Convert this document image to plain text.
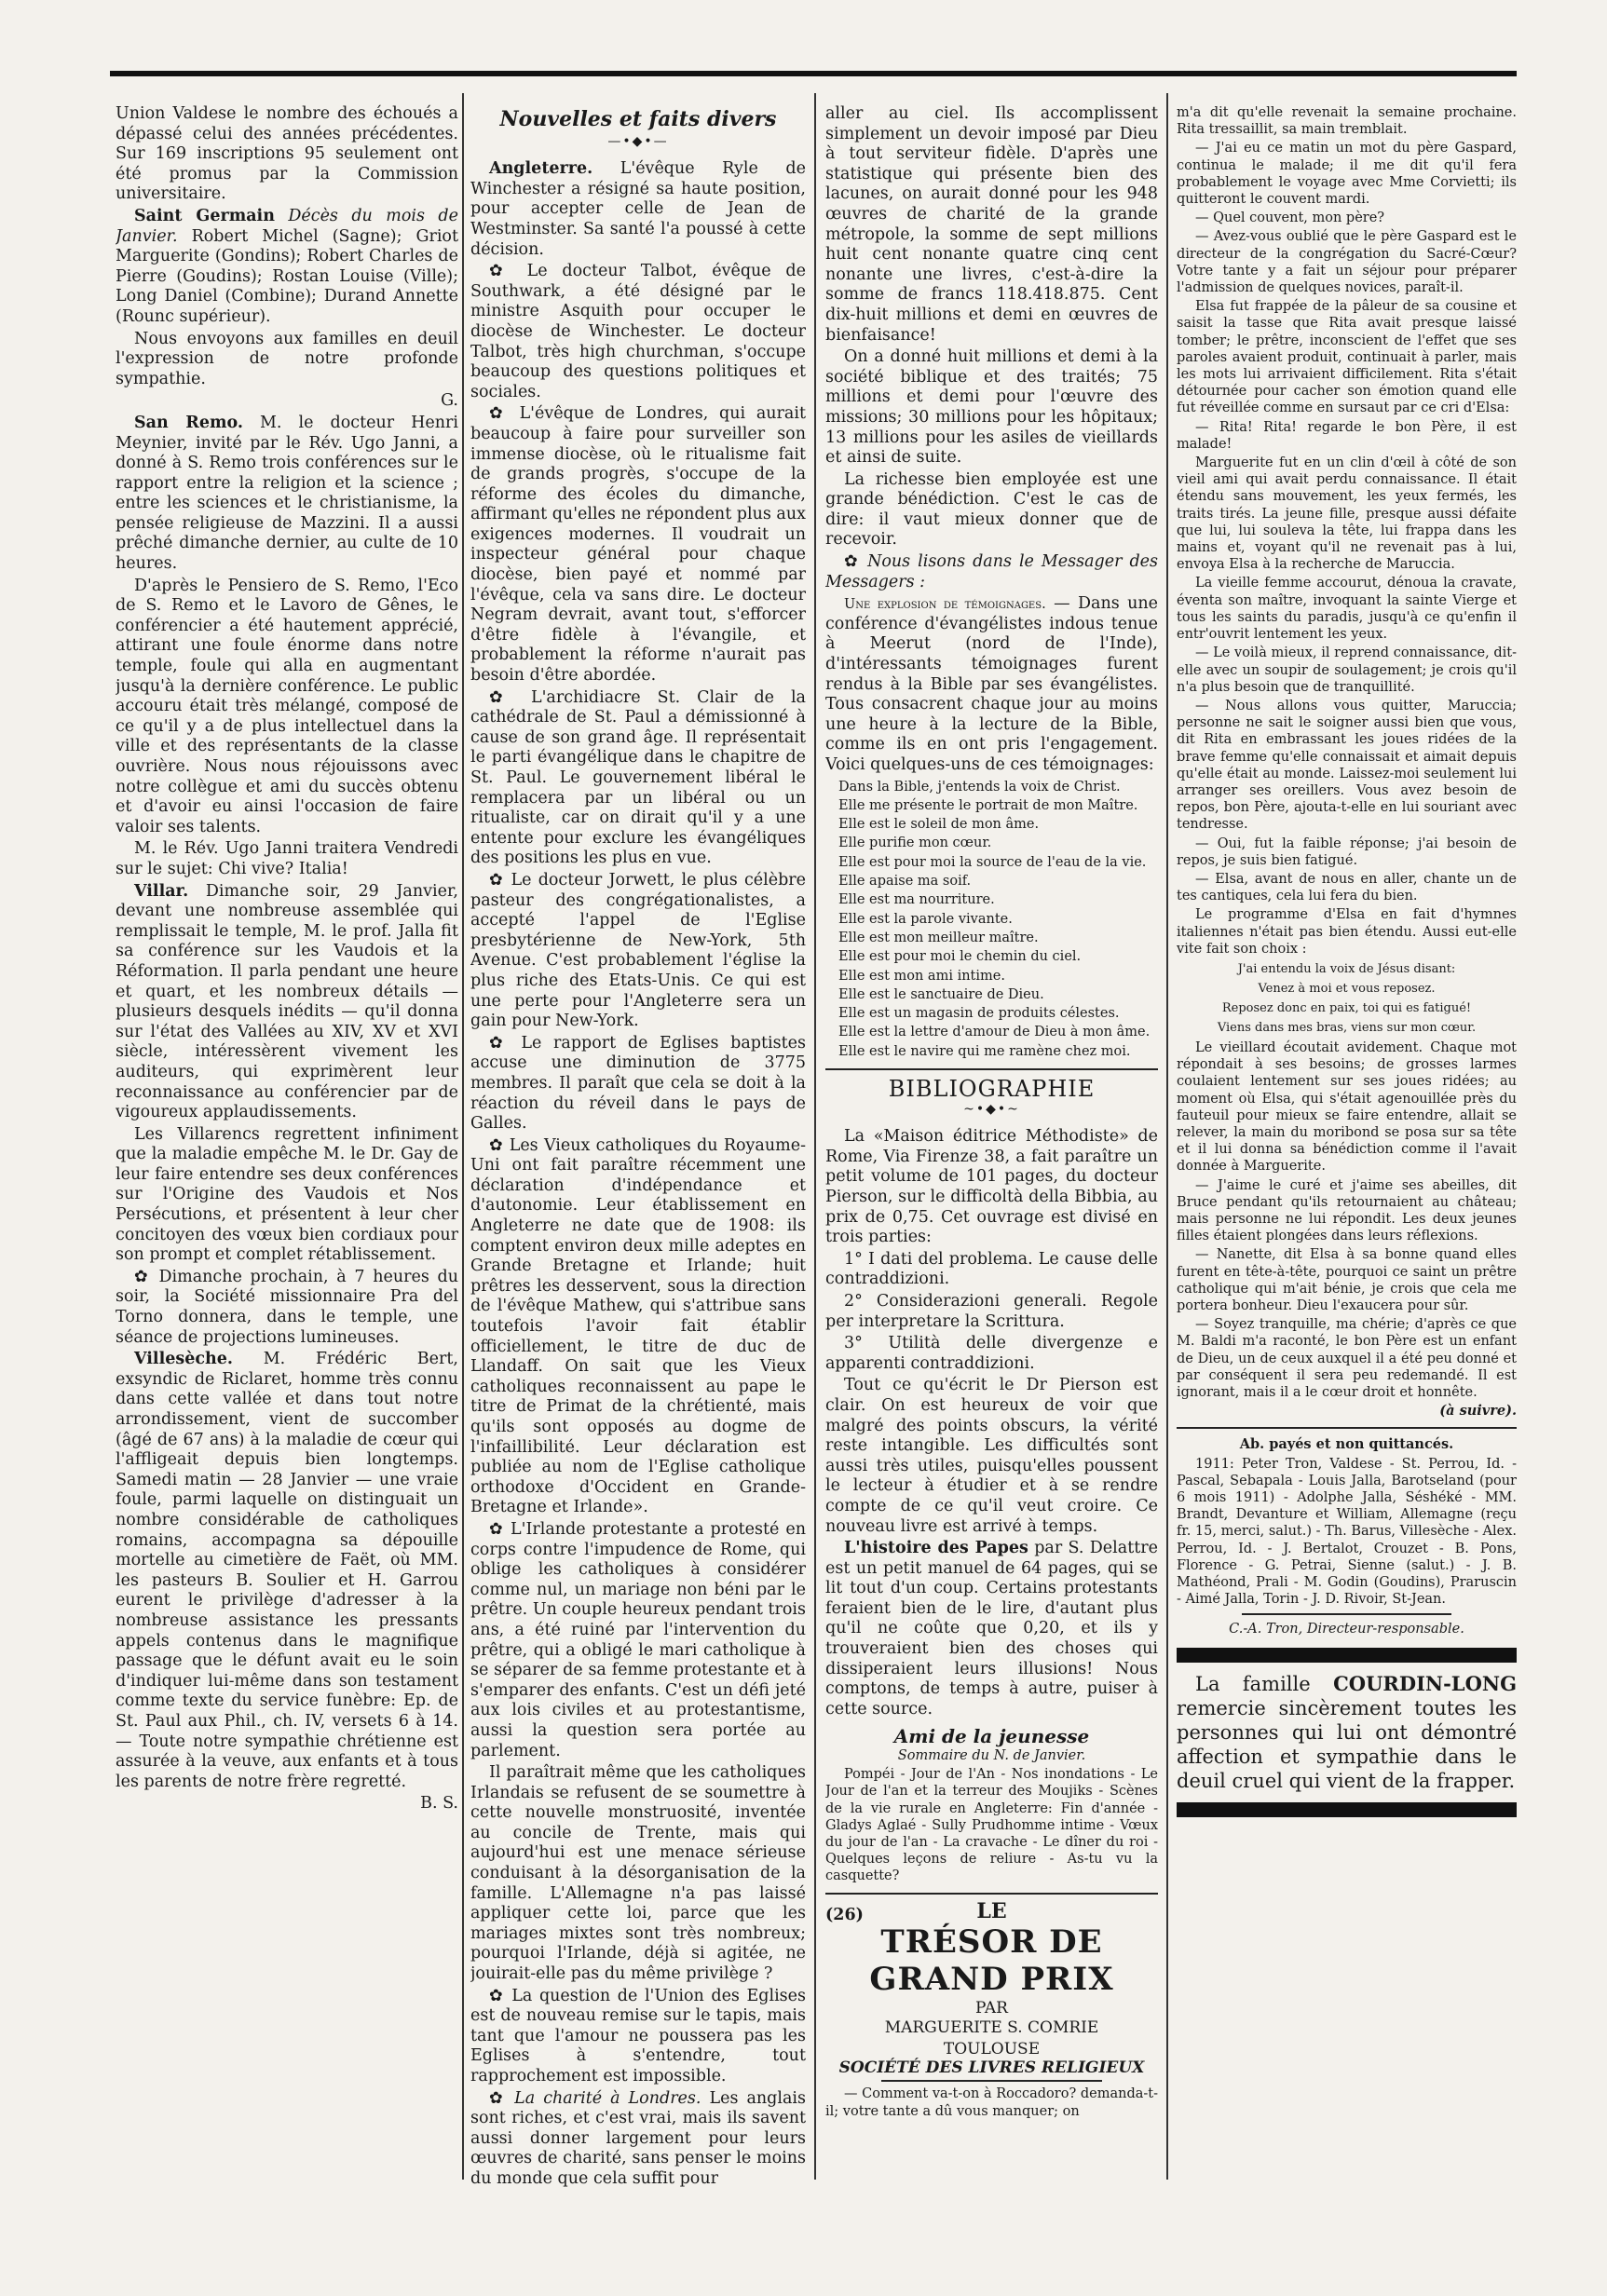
Union Valdese le nombre des échoués a dépassé celui des années précédentes. Sur 169 inscriptions 95 seulement ont été promus par la Commission universitaire.

Saint Germain Décès du mois de Janvier. Robert Michel (Sagne); Griot Marguerite (Gondins); Robert Charles de Pierre (Goudins); Rostan Louise (Ville); Long Daniel (Combine); Durand Annette (Rounc supérieur).

Nous envoyons aux familles en deuil l'expression de notre profonde sympathie.

G.

San Remo. M. le docteur Henri Meynier, invité par le Rév. Ugo Janni, a donné à S. Remo trois conférences sur le rapport entre la religion et la science ; entre les sciences et le christianisme, la pensée religieuse de Mazzini. Il a aussi prêché dimanche dernier, au culte de 10 heures.

D'après le Pensiero de S. Remo, l'Eco de S. Remo et le Lavoro de Gênes, le conférencier a été hautement apprécié, attirant une foule énorme dans notre temple, foule qui alla en augmentant jusqu'à la dernière conférence. Le public accouru était très mélangé, composé de ce qu'il y a de plus intellectuel dans la ville et des représentants de la classe ouvrière. Nous nous réjouissons avec notre collègue et ami du succès obtenu et d'avoir eu ainsi l'occasion de faire valoir ses talents.

M. le Rév. Ugo Janni traitera Vendredi sur le sujet: Chi vive? Italia!

Villar. Dimanche soir, 29 Janvier, devant une nombreuse assemblée qui remplissait le temple, M. le prof. Jalla fit sa conférence sur les Vaudois et la Réformation. Il parla pendant une heure et quart, et les nombreux détails — plusieurs desquels inédits — qu'il donna sur l'état des Vallées au XIV, XV et XVI siècle, intéressèrent vivement les auditeurs, qui exprimèrent leur reconnaissance au conférencier par de vigoureux applaudissements.

Les Villarencs regrettent infiniment que la maladie empêche M. le Dr. Gay de leur faire entendre ses deux conférences sur l'Origine des Vaudois et Nos Persécutions, et présentent à leur cher concitoyen des vœux bien cordiaux pour son prompt et complet rétablissement.

✿ Dimanche prochain, à 7 heures du soir, la Société missionnaire Pra del Torno donnera, dans le temple, une séance de projections lumineuses.

Villesèche. M. Frédéric Bert, exsyndic de Riclaret, homme très connu dans cette vallée et dans tout notre arrondissement, vient de succomber (âgé de 67 ans) à la maladie de cœur qui l'affligeait depuis bien longtemps. Samedi matin — 28 Janvier — une vraie foule, parmi laquelle on distinguait un nombre considérable de catholiques romains, accompagna sa dépouille mortelle au cimetière de Faët, où MM. les pasteurs B. Soulier et H. Garrou eurent le privilège d'adresser à la nombreuse assistance les pressants appels contenus dans le magnifique passage que le défunt avait eu le soin d'indiquer lui-même dans son testament comme texte du service funèbre: Ep. de St. Paul aux Phil., ch. IV, versets 6 à 14. — Toute notre sympathie chrétienne est assurée à la veuve, aux enfants et à tous les parents de notre frère regretté.

B. S.

Nouvelles et faits divers
—•◆•—

Angleterre. L'évêque Ryle de Winchester a résigné sa haute position, pour accepter celle de Jean de Westminster. Sa santé l'a poussé à cette décision.

✿ Le docteur Talbot, évêque de Southwark, a été désigné par le ministre Asquith pour occuper le diocèse de Winchester. Le docteur Talbot, très high churchman, s'occupe beaucoup des questions politiques et sociales.

✿ L'évêque de Londres, qui aurait beaucoup à faire pour surveiller son immense diocèse, où le ritualisme fait de grands progrès, s'occupe de la réforme des écoles du dimanche, affirmant qu'elles ne répondent plus aux exigences modernes. Il voudrait un inspecteur général pour chaque diocèse, bien payé et nommé par l'évêque, cela va sans dire. Le docteur Negram devrait, avant tout, s'efforcer d'être fidèle à l'évangile, et probablement la réforme n'aurait pas besoin d'être abordée.

✿ L'archidiacre St. Clair de la cathédrale de St. Paul a démissionné à cause de son grand âge. Il représentait le parti évangélique dans le chapitre de St. Paul. Le gouvernement libéral le remplacera par un libéral ou un ritualiste, car on dirait qu'il y a une entente pour exclure les évangéliques des positions les plus en vue.

✿ Le docteur Jorwett, le plus célèbre pasteur des congrégationalistes, a accepté l'appel de l'Eglise presbytérienne de New-York, 5th Avenue. C'est probablement l'église la plus riche des Etats-Unis. Ce qui est une perte pour l'Angleterre sera un gain pour New-York.

✿ Le rapport de Eglises baptistes accuse une diminution de 3775 membres. Il paraît que cela se doit à la réaction du réveil dans le pays de Galles.

✿ Les Vieux catholiques du Royaume-Uni ont fait paraître récemment une déclaration d'indépendance et d'autonomie. Leur établissement en Angleterre ne date que de 1908: ils comptent environ deux mille adeptes en Grande Bretagne et Irlande; huit prêtres les desservent, sous la direction de l'évêque Mathew, qui s'attribue sans toutefois l'avoir fait établir officiellement, le titre de duc de Llandaff. On sait que les Vieux catholiques reconnaissent au pape le titre de Primat de la chrétienté, mais qu'ils sont opposés au dogme de l'infaillibilité. Leur déclaration est publiée au nom de l'Eglise catholique orthodoxe d'Occident en Grande-Bretagne et Irlande».

✿ L'Irlande protestante a protesté en corps contre l'impudence de Rome, qui oblige les catholiques à considérer comme nul, un mariage non béni par le prêtre. Un couple heureux pendant trois ans, a été ruiné par l'intervention du prêtre, qui a obligé le mari catholique à se séparer de sa femme protestante et à s'emparer des enfants. C'est un défi jeté aux lois civiles et au protestantisme, aussi la question sera portée au parlement.

Il paraîtrait même que les catholiques Irlandais se refusent de se soumettre à cette nouvelle monstruosité, inventée au concile de Trente, mais qui aujourd'hui est une menace sérieuse conduisant à la désorganisation de la famille. L'Allemagne n'a pas laissé appliquer cette loi, parce que les mariages mixtes sont très nombreux; pourquoi l'Irlande, déjà si agitée, ne jouirait-elle pas du même privilège ?

✿ La question de l'Union des Eglises est de nouveau remise sur le tapis, mais tant que l'amour ne poussera pas les Eglises à s'entendre, tout rapprochement est impossible.

✿ La charité à Londres. Les anglais sont riches, et c'est vrai, mais ils savent aussi donner largement pour leurs œuvres de charité, sans penser le moins du monde que cela suffit pour

aller au ciel. Ils accomplissent simplement un devoir imposé par Dieu à tout serviteur fidèle. D'après une statistique qui présente bien des lacunes, on aurait donné pour les 948 œuvres de charité de la grande métropole, la somme de sept millions huit cent nonante quatre cinq cent nonante une livres, c'est-à-dire la somme de francs 118.418.875. Cent dix-huit millions et demi en œuvres de bienfaisance!

On a donné huit millions et demi à la société biblique et des traités; 75 millions et demi pour l'œuvre des missions; 30 millions pour les hôpitaux; 13 millions pour les asiles de vieillards et ainsi de suite.

La richesse bien employée est une grande bénédiction. C'est le cas de dire: il vaut mieux donner que de recevoir.

✿ Nous lisons dans le Messager des Messagers :

Une explosion de témoignages. — Dans une conférence d'évangélistes indous tenue à Meerut (nord de l'Inde), d'intéressants témoignages furent rendus à la Bible par ses évangélistes. Tous consacrent chaque jour au moins une heure à la lecture de la Bible, comme ils en ont pris l'engagement. Voici quelques-uns de ces témoignages:

Dans la Bible, j'entends la voix de Christ.

Elle me présente le portrait de mon Maître.

Elle est le soleil de mon âme.

Elle purifie mon cœur.

Elle est pour moi la source de l'eau de la vie.

Elle apaise ma soif.

Elle est ma nourriture.

Elle est la parole vivante.

Elle est mon meilleur maître.

Elle est pour moi le chemin du ciel.

Elle est mon ami intime.

Elle est le sanctuaire de Dieu.

Elle est un magasin de produits célestes.

Elle est la lettre d'amour de Dieu à mon âme.

Elle est le navire qui me ramène chez moi.

BIBLIOGRAPHIE
~•◆•~

La «Maison éditrice Méthodiste» de Rome, Via Firenze 38, a fait paraître un petit volume de 101 pages, du docteur Pierson, sur le difficoltà della Bibbia, au prix de 0,75. Cet ouvrage est divisé en trois parties:

1° I dati del problema. Le cause delle contraddizioni.

2° Considerazioni generali. Regole per interpretare la Scrittura.

3° Utilità delle divergenze e apparenti contraddizioni.

Tout ce qu'écrit le Dr Pierson est clair. On est heureux de voir que malgré des points obscurs, la vérité reste intangible. Les difficultés sont aussi très utiles, puisqu'elles poussent le lecteur à étudier et à se rendre compte de ce qu'il veut croire. Ce nouveau livre est arrivé à temps.

L'histoire des Papes par S. Delattre est un petit manuel de 64 pages, qui se lit tout d'un coup. Certains protestants feraient bien de le lire, d'autant plus qu'il ne coûte que 0,20, et ils y trouveraient bien des choses qui dissiperaient leurs illusions! Nous comptons, de temps à autre, puiser à cette source.

Ami de la jeunesse

Sommaire du N. de Janvier.

Pompéi - Jour de l'An - Nos inondations - Le Jour de l'an et la terreur des Moujiks - Scènes de la vie rurale en Angleterre: Fin d'année - Gladys Aglaé - Sully Prudhomme intime - Vœux du jour de l'an - La cravache - Le dîner du roi - Quelques leçons de reliure - As-tu vu la casquette?

(26)	LE
TRÉSOR DE GRAND PRIX

PAR

MARGUERITE S. COMRIE

TOULOUSE

SOCIÉTÉ DES LIVRES RELIGIEUX

— Comment va-t-on à Roccadoro? demanda-t-il; votre tante a dû vous manquer; on

m'a dit qu'elle revenait la semaine prochaine. Rita tressaillit, sa main tremblait.

— J'ai eu ce matin un mot du père Gaspard, continua le malade; il me dit qu'il fera probablement le voyage avec Mme Corvietti; ils quitteront le couvent mardi.

— Quel couvent, mon père?

— Avez-vous oublié que le père Gaspard est le directeur de la congrégation du Sacré-Cœur? Votre tante y a fait un séjour pour préparer l'admission de quelques novices, paraît-il.

Elsa fut frappée de la pâleur de sa cousine et saisit la tasse que Rita avait presque laissé tomber; le prêtre, inconscient de l'effet que ses paroles avaient produit, continuait à parler, mais les mots lui arrivaient difficilement. Rita s'était détournée pour cacher son émotion quand elle fut réveillée comme en sursaut par ce cri d'Elsa:

— Rita! Rita! regarde le bon Père, il est malade!

Marguerite fut en un clin d'œil à côté de son vieil ami qui avait perdu connaissance. Il était étendu sans mouvement, les yeux fermés, les traits tirés. La jeune fille, presque aussi défaite que lui, lui souleva la tête, lui frappa dans les mains et, voyant qu'il ne revenait pas à lui, envoya Elsa à la recherche de Maruccia.

La vieille femme accourut, dénoua la cravate, éventa son maître, invoquant la sainte Vierge et tous les saints du paradis, jusqu'à ce qu'enfin il entr'ouvrit lentement les yeux.

— Le voilà mieux, il reprend connaissance, dit-elle avec un soupir de soulagement; je crois qu'il n'a plus besoin que de tranquillité.

— Nous allons vous quitter, Maruccia; personne ne sait le soigner aussi bien que vous, dit Rita en embrassant les joues ridées de la brave femme qu'elle connaissait et aimait depuis qu'elle était au monde. Laissez-moi seulement lui arranger ses oreillers. Vous avez besoin de repos, bon Père, ajouta-t-elle en lui souriant avec tendresse.

— Oui, fut la faible réponse; j'ai besoin de repos, je suis bien fatigué.

— Elsa, avant de nous en aller, chante un de tes cantiques, cela lui fera du bien.

Le programme d'Elsa en fait d'hymnes italiennes n'était pas bien étendu. Aussi eut-elle vite fait son choix :

J'ai entendu la voix de Jésus disant:

Venez à moi et vous reposez.

Reposez donc en paix, toi qui es fatigué!

Viens dans mes bras, viens sur mon cœur.

Le vieillard écoutait avidement. Chaque mot répondait à ses besoins; de grosses larmes coulaient lentement sur ses joues ridées; au moment où Elsa, qui s'était agenouillée près du fauteuil pour mieux se faire entendre, allait se relever, la main du moribond se posa sur sa tête et il lui donna sa bénédiction comme il l'avait donnée à Marguerite.

— J'aime le curé et j'aime ses abeilles, dit Bruce pendant qu'ils retournaient au château; mais personne ne lui répondit. Les deux jeunes filles étaient plongées dans leurs réflexions.

— Nanette, dit Elsa à sa bonne quand elles furent en tête-à-tête, pourquoi ce saint un prêtre catholique qui m'ait bénie, je crois que cela me portera bonheur. Dieu l'exaucera pour sûr.

— Soyez tranquille, ma chérie; d'après ce que M. Baldi m'a raconté, le bon Père est un enfant de Dieu, un de ceux auxquel il a été peu donné et par conséquent il sera peu redemandé. Il est ignorant, mais il a le cœur droit et honnête.

(à suivre).

Ab. payés et non quittancés.

1911: Peter Tron, Valdese - St. Perrou, Id. - Pascal, Sebapala - Louis Jalla, Barotseland (pour 6 mois 1911) - Adolphe Jalla, Séshéké - MM. Brandt, Devanture et William, Allemagne (reçu fr. 15, merci, salut.) - Th. Barus, Villesèche - Alex. Perrou, Id. - J. Bertalot, Crouzet - B. Pons, Florence - G. Petrai, Sienne (salut.) - J. B. Mathéond, Prali - M. Godin (Goudins), Praruscin - Aimé Jalla, Torin - J. D. Rivoir, St-Jean.

C.-A. Tron, Directeur-responsable.

La famille COURDIN-LONG remercie sincèrement toutes les personnes qui lui ont démontré affection et sympathie dans le deuil cruel qui vient de la frapper.
